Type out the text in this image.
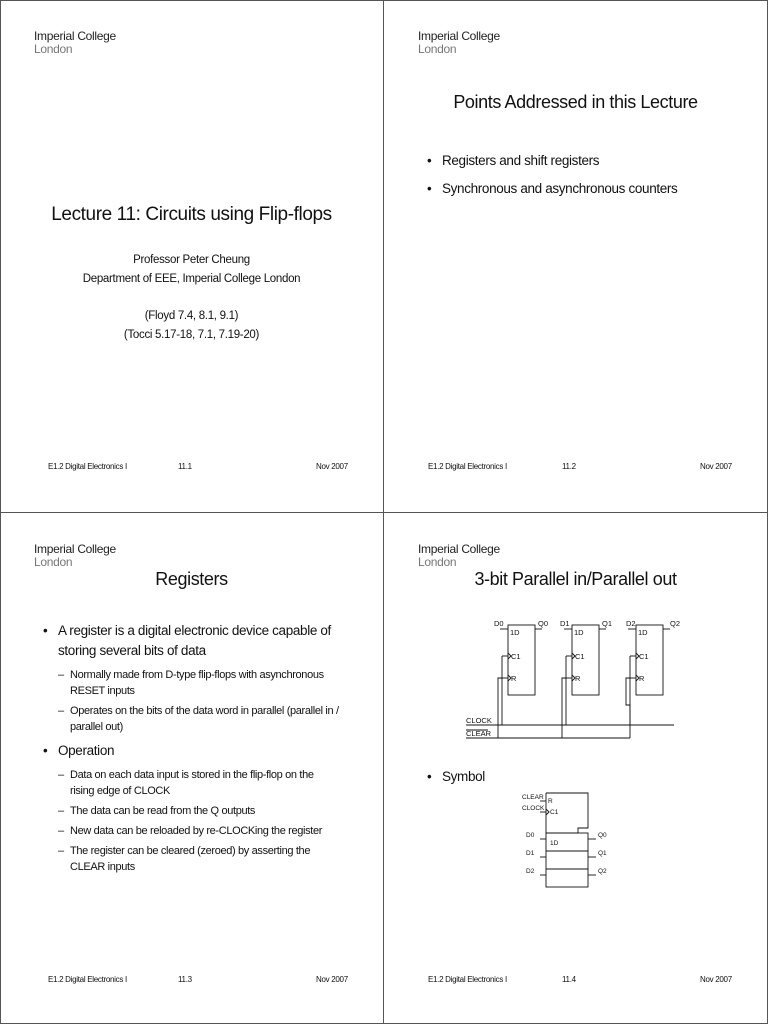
Imperial College
London
Lecture 11: Circuits using Flip-flops
Professor Peter Cheung
Department of EEE, Imperial College London
(Floyd 7.4, 8.1, 9.1)
(Tocci 5.17-18, 7.1, 7.19-20)
E1.2 Digital Electronics I	11.1	Nov 2007
Imperial College
London
Points Addressed in this Lecture
• Registers and shift registers
• Synchronous and asynchronous counters
E1.2 Digital Electronics I	11.2	Nov 2007
Imperial College
London
Registers
• A register is a digital electronic device capable of storing several bits of data
– Normally made from D-type flip-flops with asynchronous RESET inputs
– Operates on the bits of the data word in parallel (parallel in / parallel out)
• Operation
– Data on each data input is stored in the flip-flop on the rising edge of CLOCK
– The data can be read from the Q outputs
– New data can be reloaded by re-CLOCKing the register
– The register can be cleared (zeroed) by asserting the CLEAR inputs
E1.2 Digital Electronics I	11.3	Nov 2007
Imperial College
London
3-bit Parallel in/Parallel out
D0	Q0
1D
C1
R
D1	Q1
1D
C1
R
D2	Q2
1D
C1
R
CLOCK
CLEAR
• Symbol
CLEAR
CLOCK
R
C1
1D
D0
D1
D2
Q0
Q1
Q2
E1.2 Digital Electronics I	11.4	Nov 2007
